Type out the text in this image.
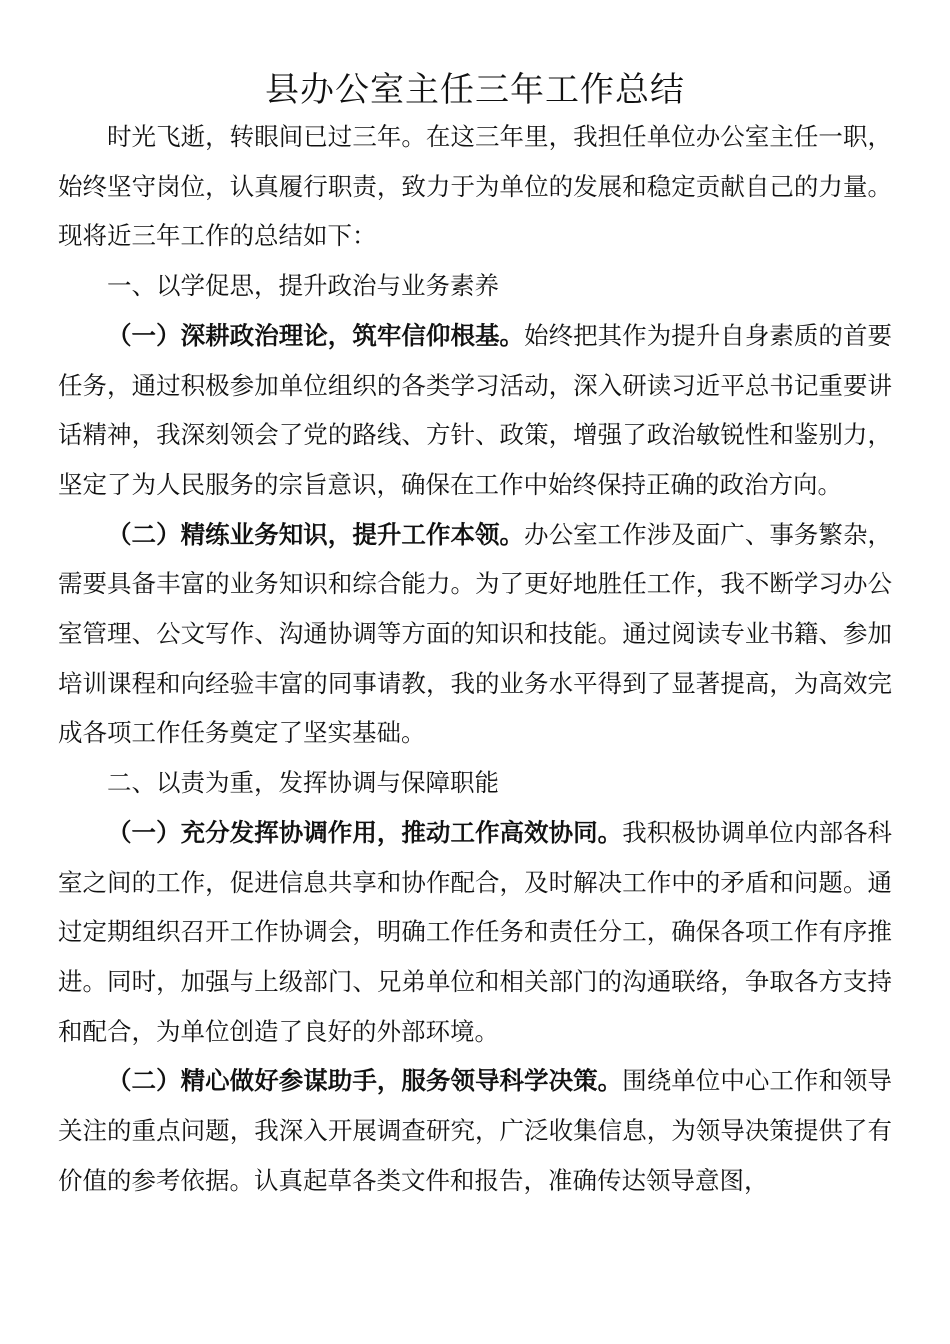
县办公室主任三年工作总结

时光飞逝，转眼间已过三年。在这三年里，我担任单位办公室主任一职，始终坚守岗位，认真履行职责，致力于为单位的发展和稳定贡献自己的力量。现将近三年工作的总结如下：

一、以学促思，提升政治与业务素养

（一）深耕政治理论，筑牢信仰根基。始终把其作为提升自身素质的首要任务，通过积极参加单位组织的各类学习活动，深入研读习近平总书记重要讲话精神，我深刻领会了党的路线、方针、政策，增强了政治敏锐性和鉴别力，坚定了为人民服务的宗旨意识，确保在工作中始终保持正确的政治方向。

（二）精练业务知识，提升工作本领。办公室工作涉及面广、事务繁杂，需要具备丰富的业务知识和综合能力。为了更好地胜任工作，我不断学习办公室管理、公文写作、沟通协调等方面的知识和技能。通过阅读专业书籍、参加培训课程和向经验丰富的同事请教，我的业务水平得到了显著提高，为高效完成各项工作任务奠定了坚实基础。

二、以责为重，发挥协调与保障职能

（一）充分发挥协调作用，推动工作高效协同。我积极协调单位内部各科室之间的工作，促进信息共享和协作配合，及时解决工作中的矛盾和问题。通过定期组织召开工作协调会，明确工作任务和责任分工，确保各项工作有序推进。同时，加强与上级部门、兄弟单位和相关部门的沟通联络，争取各方支持和配合，为单位创造了良好的外部环境。

（二）精心做好参谋助手，服务领导科学决策。围绕单位中心工作和领导关注的重点问题，我深入开展调查研究，广泛收集信息，为领导决策提供了有价值的参考依据。认真起草各类文件和报告，准确传达领导意图，
